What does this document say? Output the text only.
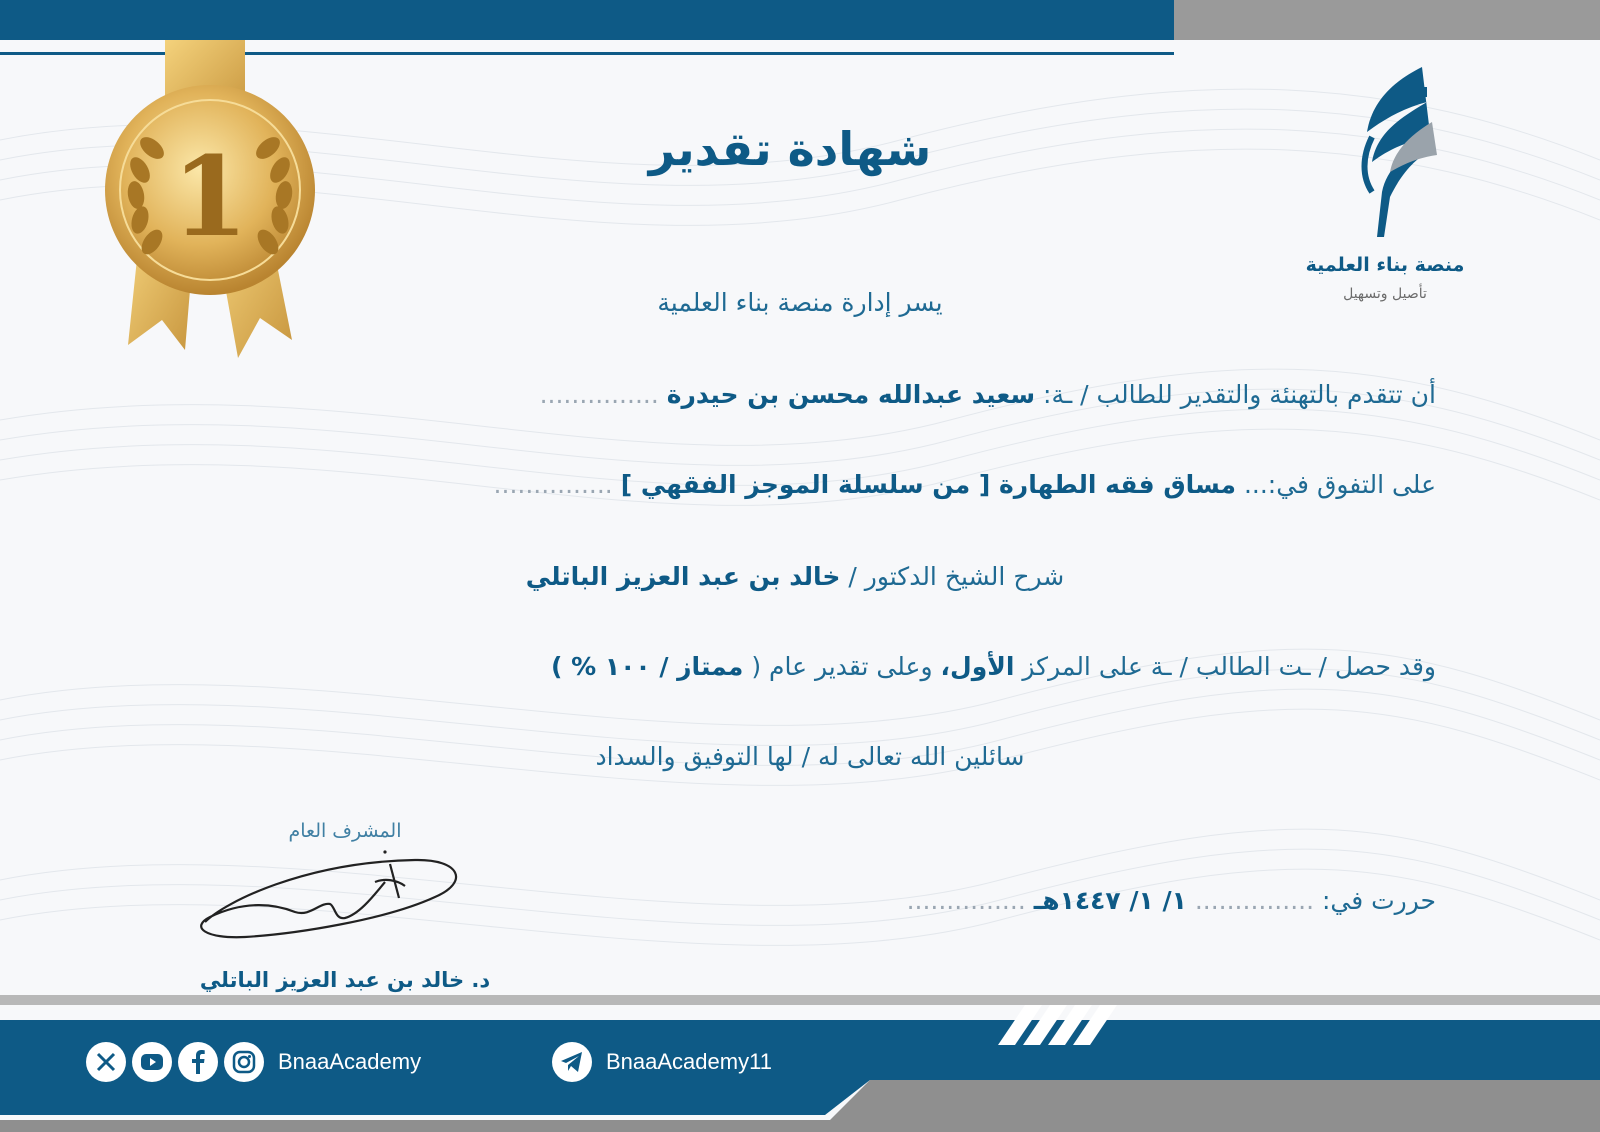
1
منصة بناء العلمية
تأصيل وتسهيل
شهادة تقدير
يسر إدارة منصة بناء العلمية
أن تتقدم بالتهنئة والتقدير للطالب / ـة: سعيد عبدالله محسن بن حيدرة ...............
على التفوق في:... مساق فقه الطهارة [ من سلسلة الموجز الفقهي ] ...............
شرح الشيخ الدكتور / خالد بن عبد العزيز الباتلي
وقد حصل / ـت الطالب / ـة على المركز الأول، وعلى تقدير عام ( ممتاز / ١٠٠ % )
سائلين الله تعالى له / لها التوفيق والسداد
المشرف العام
د. خالد بن عبد العزيز الباتلي
حررت في: ............... ١/ ١/ ١٤٤٧هـ ...............
BnaaAcademy	BnaaAcademy11
